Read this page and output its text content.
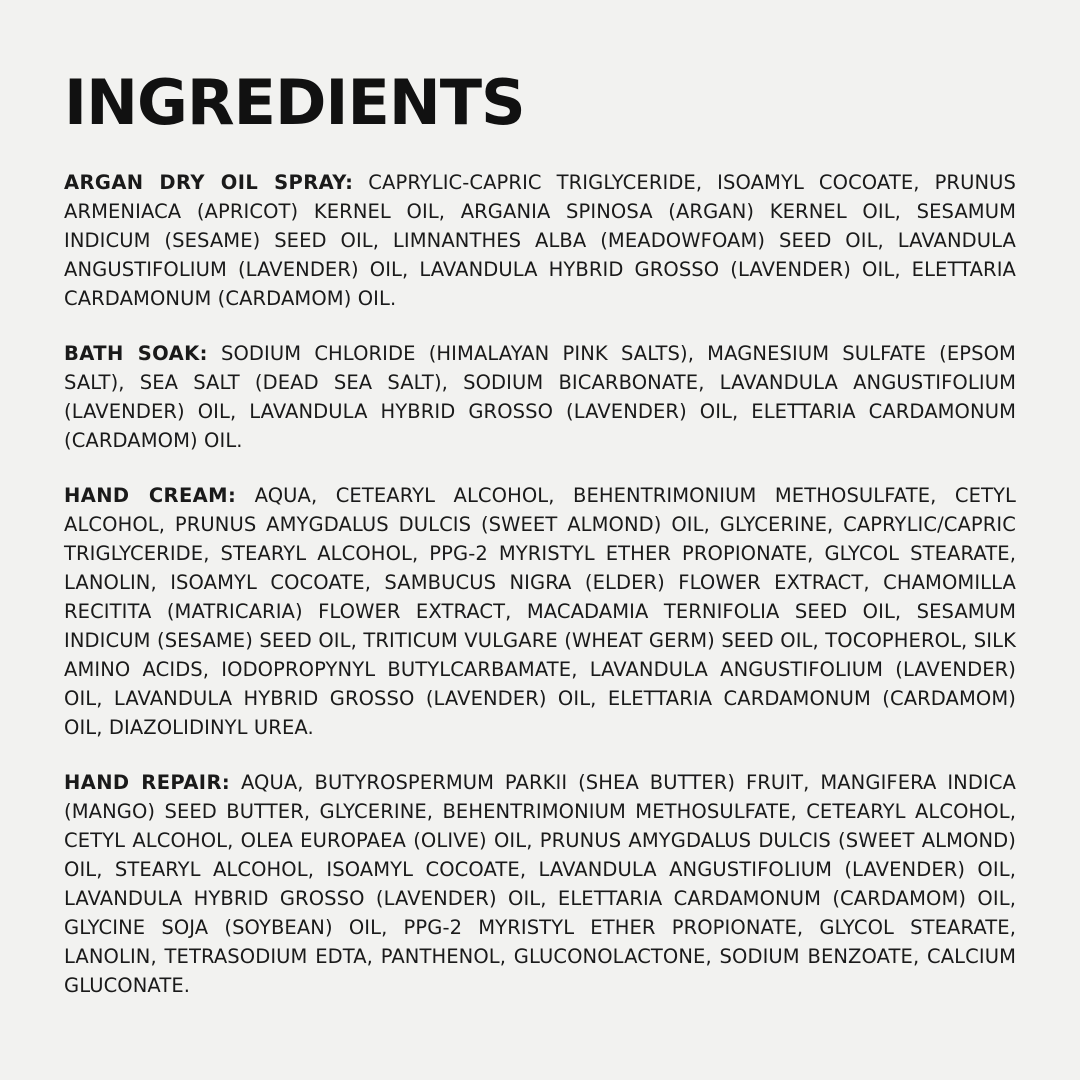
INGREDIENTS

ARGAN DRY OIL SPRAY: CAPRYLIC-CAPRIC TRIGLYCERIDE, ISOAMYL COCOATE, PRUNUS ARMENIACA (APRICOT) KERNEL OIL, ARGANIA SPINOSA (ARGAN) KERNEL OIL, SESAMUM INDICUM (SESAME) SEED OIL, LIMNANTHES ALBA (MEADOWFOAM) SEED OIL, LAVANDULA ANGUSTIFOLIUM (LAVENDER) OIL, LAVANDULA HYBRID GROSSO (LAVENDER) OIL, ELETTARIA CARDAMONUM (CARDAMOM) OIL.

BATH SOAK: SODIUM CHLORIDE (HIMALAYAN PINK SALTS), MAGNESIUM SULFATE (EPSOM SALT), SEA SALT (DEAD SEA SALT), SODIUM BICARBONATE, LAVANDULA ANGUSTIFOLIUM (LAVENDER) OIL, LAVANDULA HYBRID GROSSO (LAVENDER) OIL, ELETTARIA CARDAMONUM (CARDAMOM) OIL.

HAND CREAM: AQUA, CETEARYL ALCOHOL, BEHENTRIMONIUM METHOSULFATE, CETYL ALCOHOL, PRUNUS AMYGDALUS DULCIS (SWEET ALMOND) OIL, GLYCERINE, CAPRYLIC/CAPRIC TRIGLYCERIDE, STEARYL ALCOHOL, PPG-2 MYRISTYL ETHER PROPIONATE, GLYCOL STEARATE, LANOLIN, ISOAMYL COCOATE, SAMBUCUS NIGRA (ELDER) FLOWER EXTRACT, CHAMOMILLA RECITITA (MATRICARIA) FLOWER EXTRACT, MACADAMIA TERNIFOLIA SEED OIL, SESAMUM INDICUM (SESAME) SEED OIL, TRITICUM VULGARE (WHEAT GERM) SEED OIL, TOCOPHEROL, SILK AMINO ACIDS, IODOPROPYNYL BUTYLCARBAMATE, LAVANDULA ANGUSTIFOLIUM (LAVENDER) OIL, LAVANDULA HYBRID GROSSO (LAVENDER) OIL, ELETTARIA CARDAMONUM (CARDAMOM) OIL, DIAZOLIDINYL UREA.

HAND REPAIR: AQUA, BUTYROSPERMUM PARKII (SHEA BUTTER) FRUIT, MANGIFERA INDICA (MANGO) SEED BUTTER, GLYCERINE, BEHENTRIMONIUM METHOSULFATE, CETEARYL ALCOHOL, CETYL ALCOHOL, OLEA EUROPAEA (OLIVE) OIL, PRUNUS AMYGDALUS DULCIS (SWEET ALMOND) OIL, STEARYL ALCOHOL, ISOAMYL COCOATE, LAVANDULA ANGUSTIFOLIUM (LAVENDER) OIL, LAVANDULA HYBRID GROSSO (LAVENDER) OIL, ELETTARIA CARDAMONUM (CARDAMOM) OIL, GLYCINE SOJA (SOYBEAN) OIL, PPG-2 MYRISTYL ETHER PROPIONATE, GLYCOL STEARATE, LANOLIN, TETRASODIUM EDTA, PANTHENOL, GLUCONOLACTONE, SODIUM BENZOATE, CALCIUM GLUCONATE.
